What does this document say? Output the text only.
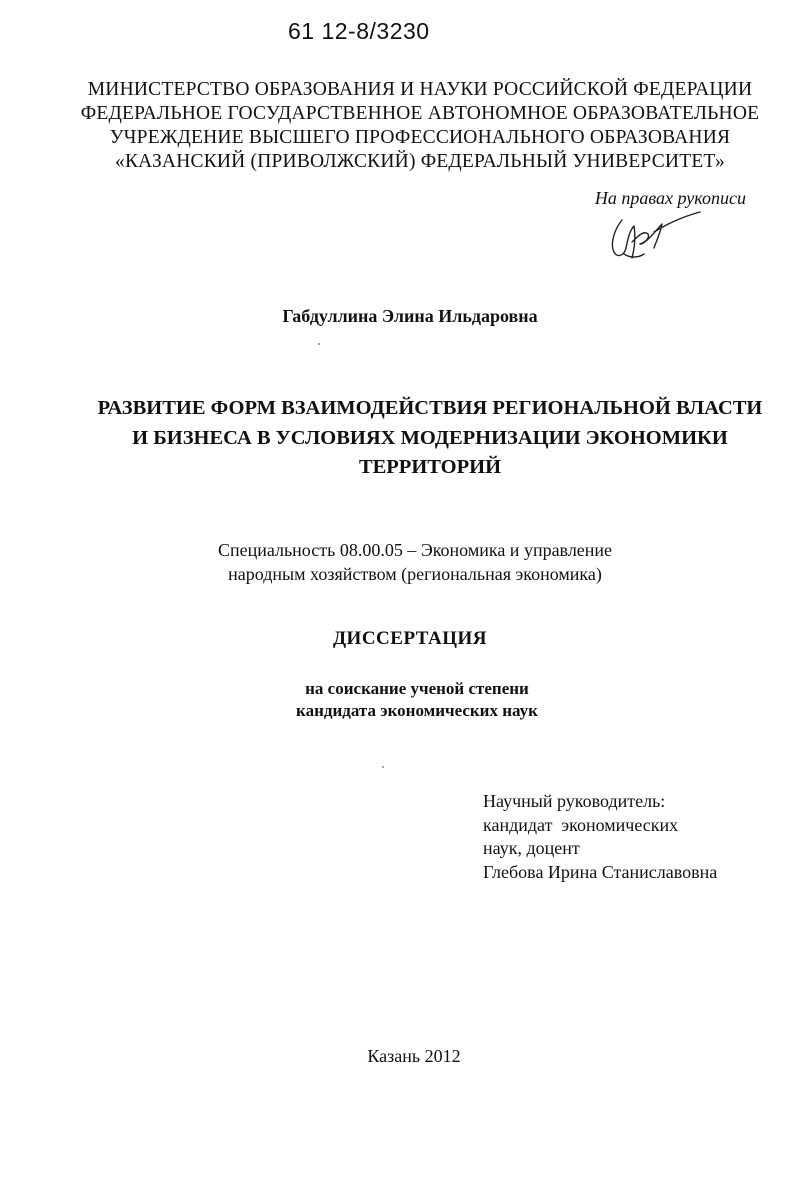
61 12-8/3230
МИНИСТЕРСТВО ОБРАЗОВАНИЯ И НАУКИ РОССИЙСКОЙ ФЕДЕРАЦИИ
ФЕДЕРАЛЬНОЕ ГОСУДАРСТВЕННОЕ АВТОНОМНОЕ ОБРАЗОВАТЕЛЬНОЕ
УЧРЕЖДЕНИЕ ВЫСШЕГО ПРОФЕССИОНАЛЬНОГО ОБРАЗОВАНИЯ
«КАЗАНСКИЙ (ПРИВОЛЖСКИЙ) ФЕДЕРАЛЬНЫЙ УНИВЕРСИТЕТ»
На правах рукописи
Габдуллина Элина Ильдаровна
РАЗВИТИЕ ФОРМ ВЗАИМОДЕЙСТВИЯ РЕГИОНАЛЬНОЙ ВЛАСТИ
И БИЗНЕСА В УСЛОВИЯХ МОДЕРНИЗАЦИИ ЭКОНОМИКИ
ТЕРРИТОРИЙ
Специальность 08.00.05 – Экономика и управление
народным хозяйством (региональная экономика)
ДИССЕРТАЦИЯ
на соискание ученой степени
кандидата экономических наук
Научный руководитель:
кандидат  экономических
наук, доцент
Глебова Ирина Станиславовна
Казань 2012
